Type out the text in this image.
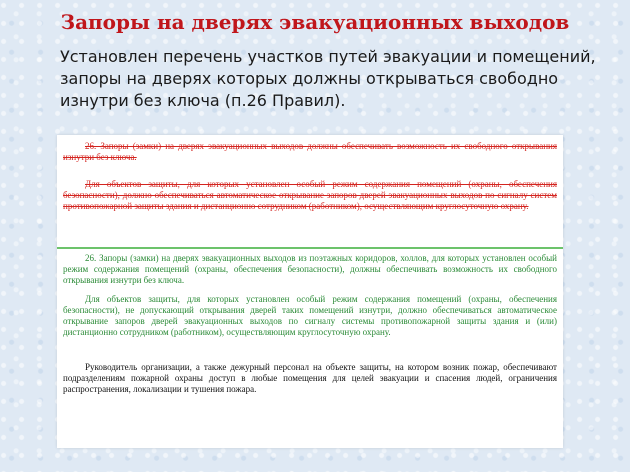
Запоры на дверях эвакуационных выходов
Установлен перечень участков путей эвакуации и помещений, запоры на дверях которых должны открываться свободно изнутри без ключа (п.26 Правил).

26. Запоры (замки) на дверях эвакуационных выходов должны обеспечивать возможность их свободного открывания изнутри без ключа.

Для объектов защиты, для которых установлен особый режим содержания помещений (охраны, обеспечения безопасности), должно обеспечиваться автоматическое открывание запоров дверей эвакуационных выходов по сигналу систем противопожарной защиты здания и дистанционно сотрудником (работником), осуществляющим круглосуточную охрану.

26. Запоры (замки) на дверях эвакуационных выходов из поэтажных коридоров, холлов, для которых установлен особый режим содержания помещений (охраны, обеспечения безопасности), должны обеспечивать возможность их свободного открывания изнутри без ключа.

Для объектов защиты, для которых установлен особый режим содержания помещений (охраны, обеспечения безопасности), не допускающий открывания дверей таких помещений изнутри, должно обеспечиваться автоматическое открывание запоров дверей эвакуационных выходов по сигналу системы противопожарной защиты здания и (или) дистанционно сотрудником (работником), осуществляющим круглосуточную охрану.

Руководитель организации, а также дежурный персонал на объекте защиты, на котором возник пожар, обеспечивают подразделениям пожарной охраны доступ в любые помещения для целей эвакуации и спасения людей, ограничения распространения, локализации и тушения пожара.
